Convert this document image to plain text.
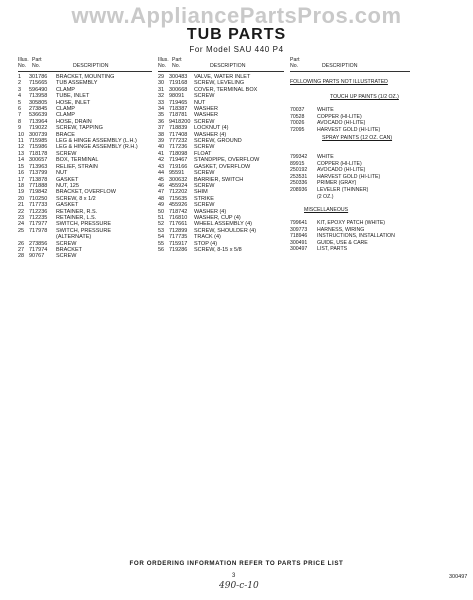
www.AppliancePartsPros.com
TUB PARTS
For Model SAU 440 P4
Illus. Part
No.	No.	DESCRIPTION
Illus. Part
No.	No.	DESCRIPTION
Part
No.	DESCRIPTION
1 301786 BRACKET, MOUNTING
2 715665 TUB ASSEMBLY
3 596490 CLAMP
4 713958 TUBE, INLET
5 305805 HOSE, INLET
6 273845 CLAMP
7 536639 CLAMP
8 713964 HOSE, DRAIN
9 719022 SCREW, TAPPING
10 300739 BRACE
11 715985 LEG & HINGE ASSEMBLY (L.H.)
12 715986 LEG & HINGE ASSEMBLY (R.H.)
13 718178 SCREW
14 300657 BOX, TERMINAL
15 713963 RELIEF, STRAIN
16 713799 NUT
17 713878 GASKET
18 771888 NUT, 125
19 719842 BRACKET, OVERFLOW
20 710250 SCREW, 8 x 1/2
21 717733 GASKET
22 712236 RETAINER, R.S.
23 712235 RETAINER, L.S.
24 717977 SWITCH, PRESSURE
25 717978 SWITCH, PRESSURE
(ALTERNATE)
26 273856 SCREW
27 717974 BRACKET
28 90767 SCREW
29 300483 VALVE, WATER INLET
30 719168 SCREW, LEVELING
31 300668 COVER, TERMINAL BOX
32 98091 SCREW
33 719465 NUT
34 718387 WASHER
35 718781 WASHER
36 9418200 SCREW
37 718839 LOCKNUT (4)
38 717408 WASHER (4)
39 777232 SCREW, GROUND
40 717236 SCREW
41 718098 FLOAT
42 719467 STANDPIPE, OVERFLOW
43 719166 GASKET, OVERFLOW
44 95591 SCREW
45 300632 BARRIER, SWITCH
46 455924 SCREW
47 712202 SHIM
48 715635 STRIKE
49 455926 SCREW
50 718742 WASHER (4)
51 716810 WASHER, CUP (4)
52 717661 WHEEL ASSEMBLY (4)
53 712899 SCREW, SHOULDER (4)
54 717735 TRACK (4)
55 715917 STOP (4)
56 719286 SCREW, 8-15 x 5/8
FOLLOWING PARTS NOT ILLUSTRATED
TOUCH UP PAINTS (1/2 OZ.)
SPRAY PAINTS (12 OZ. CAN)
MISCELLANEOUS
70037 WHITE
70528 COPPER (HI-LITE)
70026 AVOCADO (HI-LITE)
72095 HARVEST GOLD (HI-LITE)
799342 WHITE
89915 COPPER (HI-LITE)
250192 AVOCADO (HI-LITE)
253531 HARVEST GOLD (HI-LITE)
250336 PRIMER (GRAY)
208936 LEVELER (THINNER)
(2 OZ.)
799641 KIT, EPOXY PATCH (WHITE)
309773 HARNESS, WIRING
718946 INSTRUCTIONS, INSTALLATION
300491 GUIDE, USE & CARE
300497 LIST, PARTS
FOR ORDERING INFORMATION REFER TO PARTS PRICE LIST
3	300497
490-c-10
